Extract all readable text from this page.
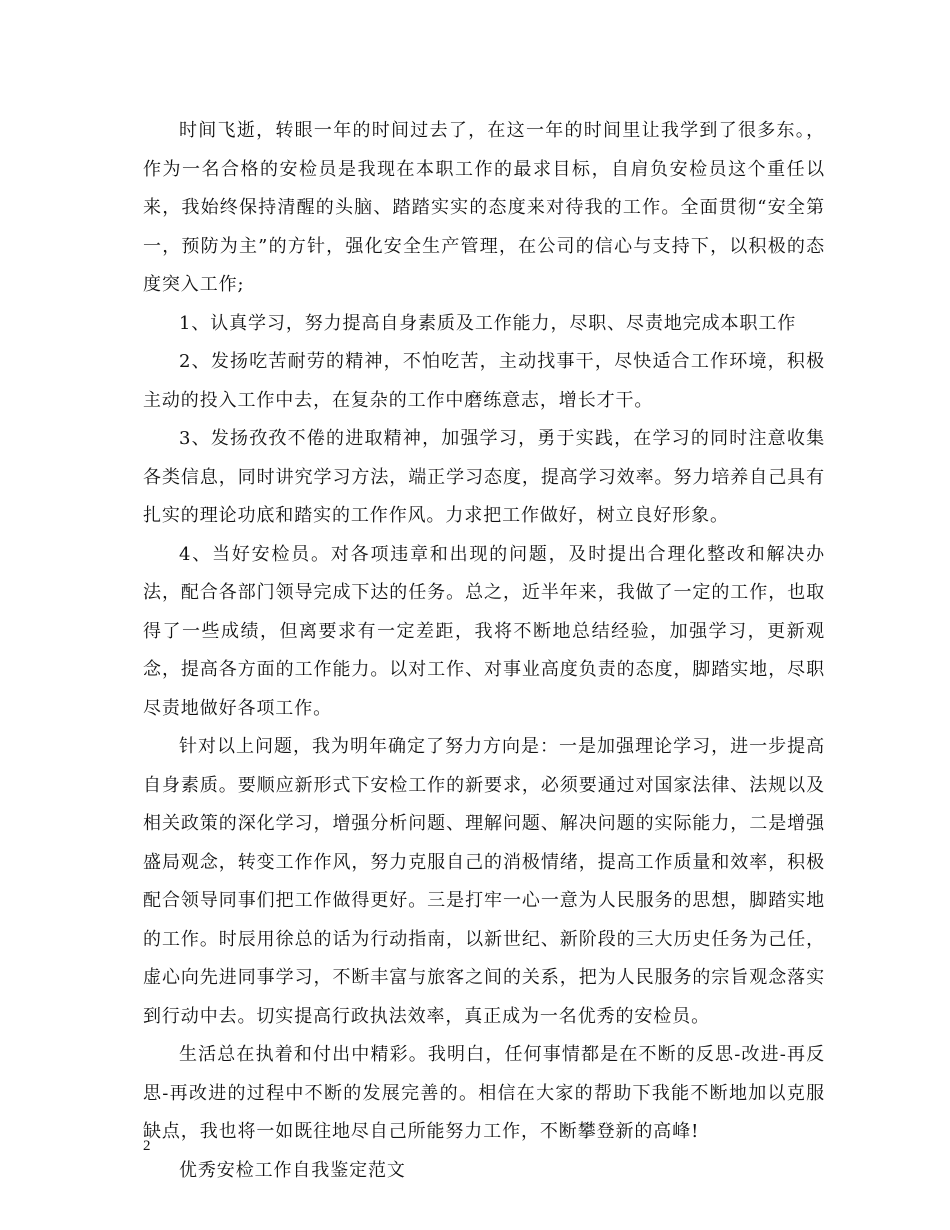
时间飞逝，转眼一年的时间过去了，在这一年的时间里让我学到了很多东。，作为一名合格的安检员是我现在本职工作的最求目标，自肩负安检员这个重任以来，我始终保持清醒的头脑、踏踏实实的态度来对待我的工作。全面贯彻“安全第一，预防为主”的方针，强化安全生产管理，在公司的信心与支持下，以积极的态度突入工作;

1、认真学习，努力提高自身素质及工作能力，尽职、尽责地完成本职工作

2、发扬吃苦耐劳的精神，不怕吃苦，主动找事干，尽快适合工作环境，积极主动的投入工作中去，在复杂的工作中磨练意志，增长才干。

3、发扬孜孜不倦的进取精神，加强学习，勇于实践，在学习的同时注意收集各类信息，同时讲究学习方法，端正学习态度，提高学习效率。努力培养自己具有扎实的理论功底和踏实的工作作风。力求把工作做好，树立良好形象。

4、当好安检员。对各项违章和出现的问题，及时提出合理化整改和解决办法，配合各部门领导完成下达的任务。总之，近半年来，我做了一定的工作，也取得了一些成绩，但离要求有一定差距，我将不断地总结经验，加强学习，更新观念，提高各方面的工作能力。以对工作、对事业高度负责的态度，脚踏实地，尽职尽责地做好各项工作。

针对以上问题，我为明年确定了努力方向是：一是加强理论学习，进一步提高自身素质。要顺应新形式下安检工作的新要求，必须要通过对国家法律、法规以及相关政策的深化学习，增强分析问题、理解问题、解决问题的实际能力，二是增强盛局观念，转变工作作风，努力克服自己的消极情绪，提高工作质量和效率，积极配合领导同事们把工作做得更好。三是打牢一心一意为人民服务的思想，脚踏实地的工作。时辰用徐总的话为行动指南，以新世纪、新阶段的三大历史任务为己任，虚心向先进同事学习，不断丰富与旅客之间的关系，把为人民服务的宗旨观念落实到行动中去。切实提高行政执法效率，真正成为一名优秀的安检员。

生活总在执着和付出中精彩。我明白，任何事情都是在不断的反思-改进-再反思-再改进的过程中不断的发展完善的。相信在大家的帮助下我能不断地加以克服缺点，我也将一如既往地尽自己所能努力工作，不断攀登新的高峰!

优秀安检工作自我鉴定范文

2
